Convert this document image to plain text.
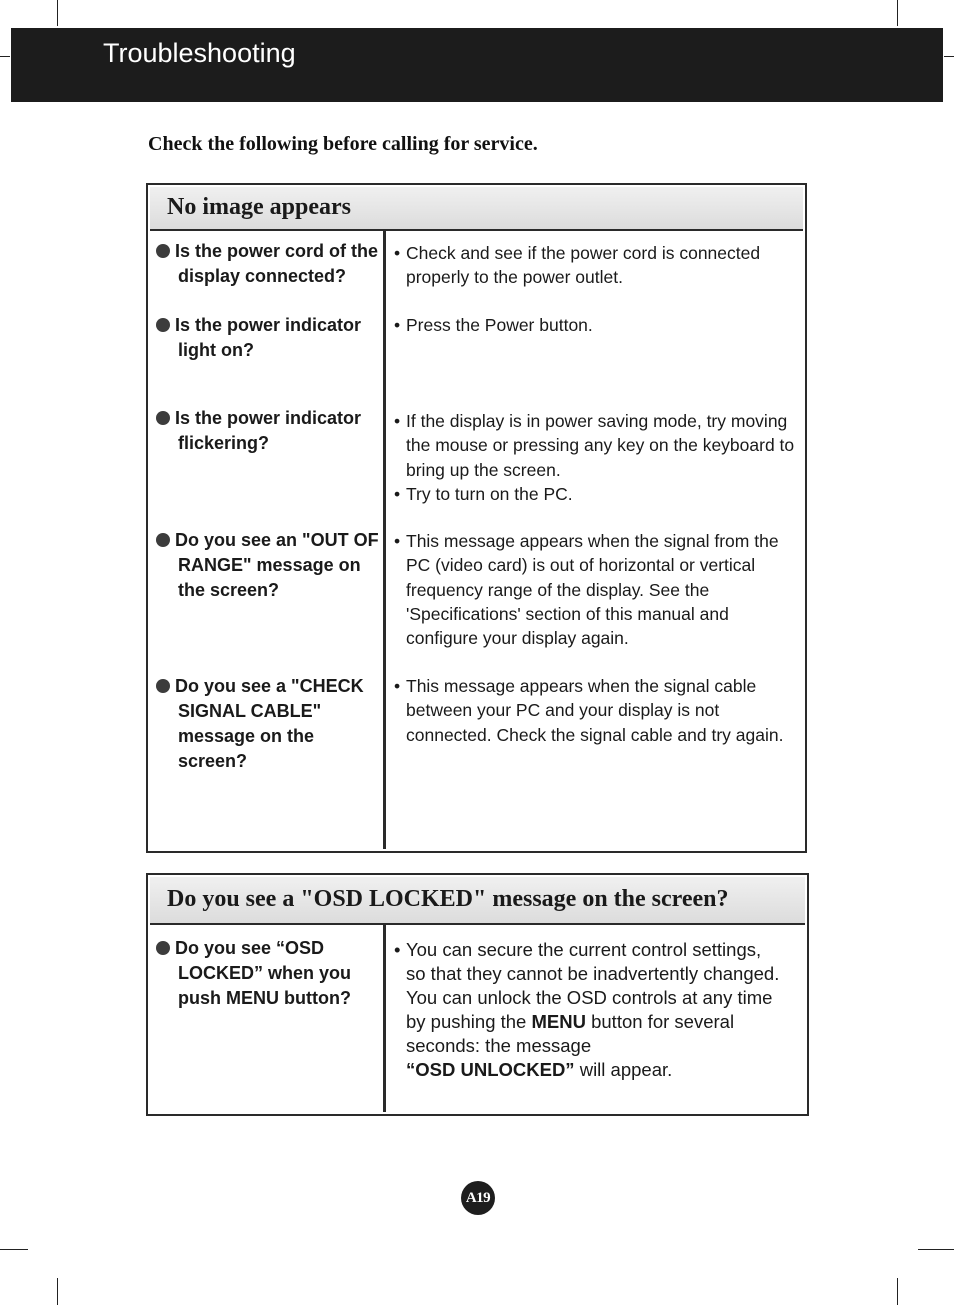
Troubleshooting
Check the following before calling for service.
No image appears
Is the power cord of the
display connected?
Is the power indicator
light on?
Is the power indicator
flickering?
Do you see an "OUT OF
RANGE" message on
the screen?
Do you see a "CHECK
SIGNAL CABLE"
message on the
screen?
• Check and see if the power cord is connected
properly to the power outlet.
• Press the Power button.
• If the display is in power saving mode, try moving
the mouse or pressing any key on the keyboard to
bring up the screen.
• Try to turn on the PC.
• This message appears when the signal from the
PC (video card) is out of horizontal or vertical
frequency range of the display. See the
'Specifications' section of this manual and
configure your display again.
• This message appears when the signal cable
between your PC and your display is not
connected. Check the signal cable and try again.
Do you see a "OSD LOCKED" message on the screen?
Do you see “OSD
LOCKED” when you
push MENU button?
• You can secure the current control settings,
so that they cannot be inadvertently changed.
You can unlock the OSD controls at any time
by pushing the MENU button for several
seconds: the message
“OSD UNLOCKED” will appear.
A19
